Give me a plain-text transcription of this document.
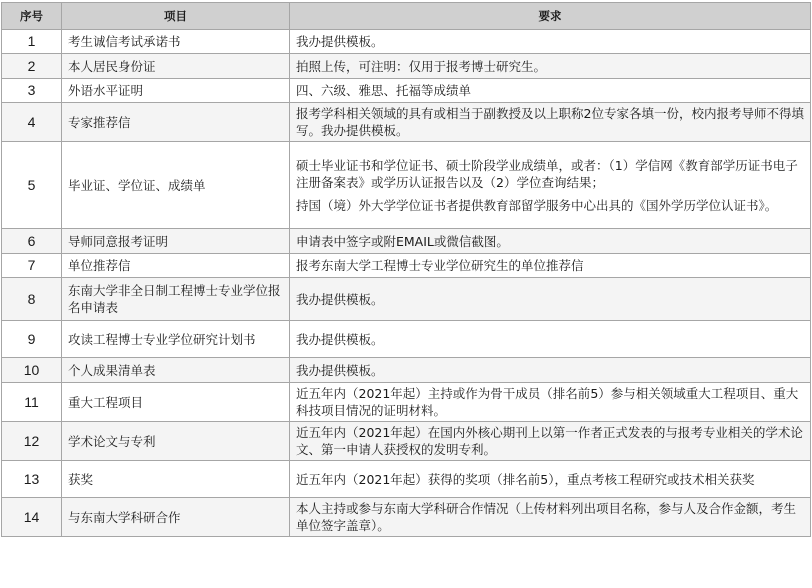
序号	项目	要求
1	考生诚信考试承诺书	我办提供模板。

2	本人居民身份证	拍照上传，可注明：仅用于报考博士研究生。

3	外语水平证明	四、六级、雅思、托福等成绩单

4	专家推荐信	报考学科相关领域的具有或相当于副教授及以上职称2位专家各填一份，校内报考导师不得填写。我办提供模板。

5	毕业证、学位证、成绩单	硕士毕业证书和学位证书、硕士阶段学业成绩单，或者：（1）学信网《教育部学历证书电子注册备案表》或学历认证报告以及（2）学位查询结果；

持国（境）外大学学位证书者提供教育部留学服务中心出具的《国外学历学位认证书》。

6	导师同意报考证明	申请表中签字或附EMAIL或微信截图。

7	单位推荐信	报考东南大学工程博士专业学位研究生的单位推荐信

8	东南大学非全日制工程博士专业学位报名申请表	我办提供模板。

9	攻读工程博士专业学位研究计划书	我办提供模板。

10	个人成果清单表	我办提供模板。

11	重大工程项目	近五年内（2021年起）主持或作为骨干成员（排名前5）参与相关领域重大工程项目、重大科技项目情况的证明材料。

12	学术论文与专利	近五年内（2021年起）在国内外核心期刊上以第一作者正式发表的与报考专业相关的学术论文、第一申请人获授权的发明专利。

13	获奖	近五年内（2021年起）获得的奖项（排名前5），重点考核工程研究或技术相关获奖

14	与东南大学科研合作	本人主持或参与东南大学科研合作情况（上传材料列出项目名称，参与人及合作金额，考生单位签字盖章）。
